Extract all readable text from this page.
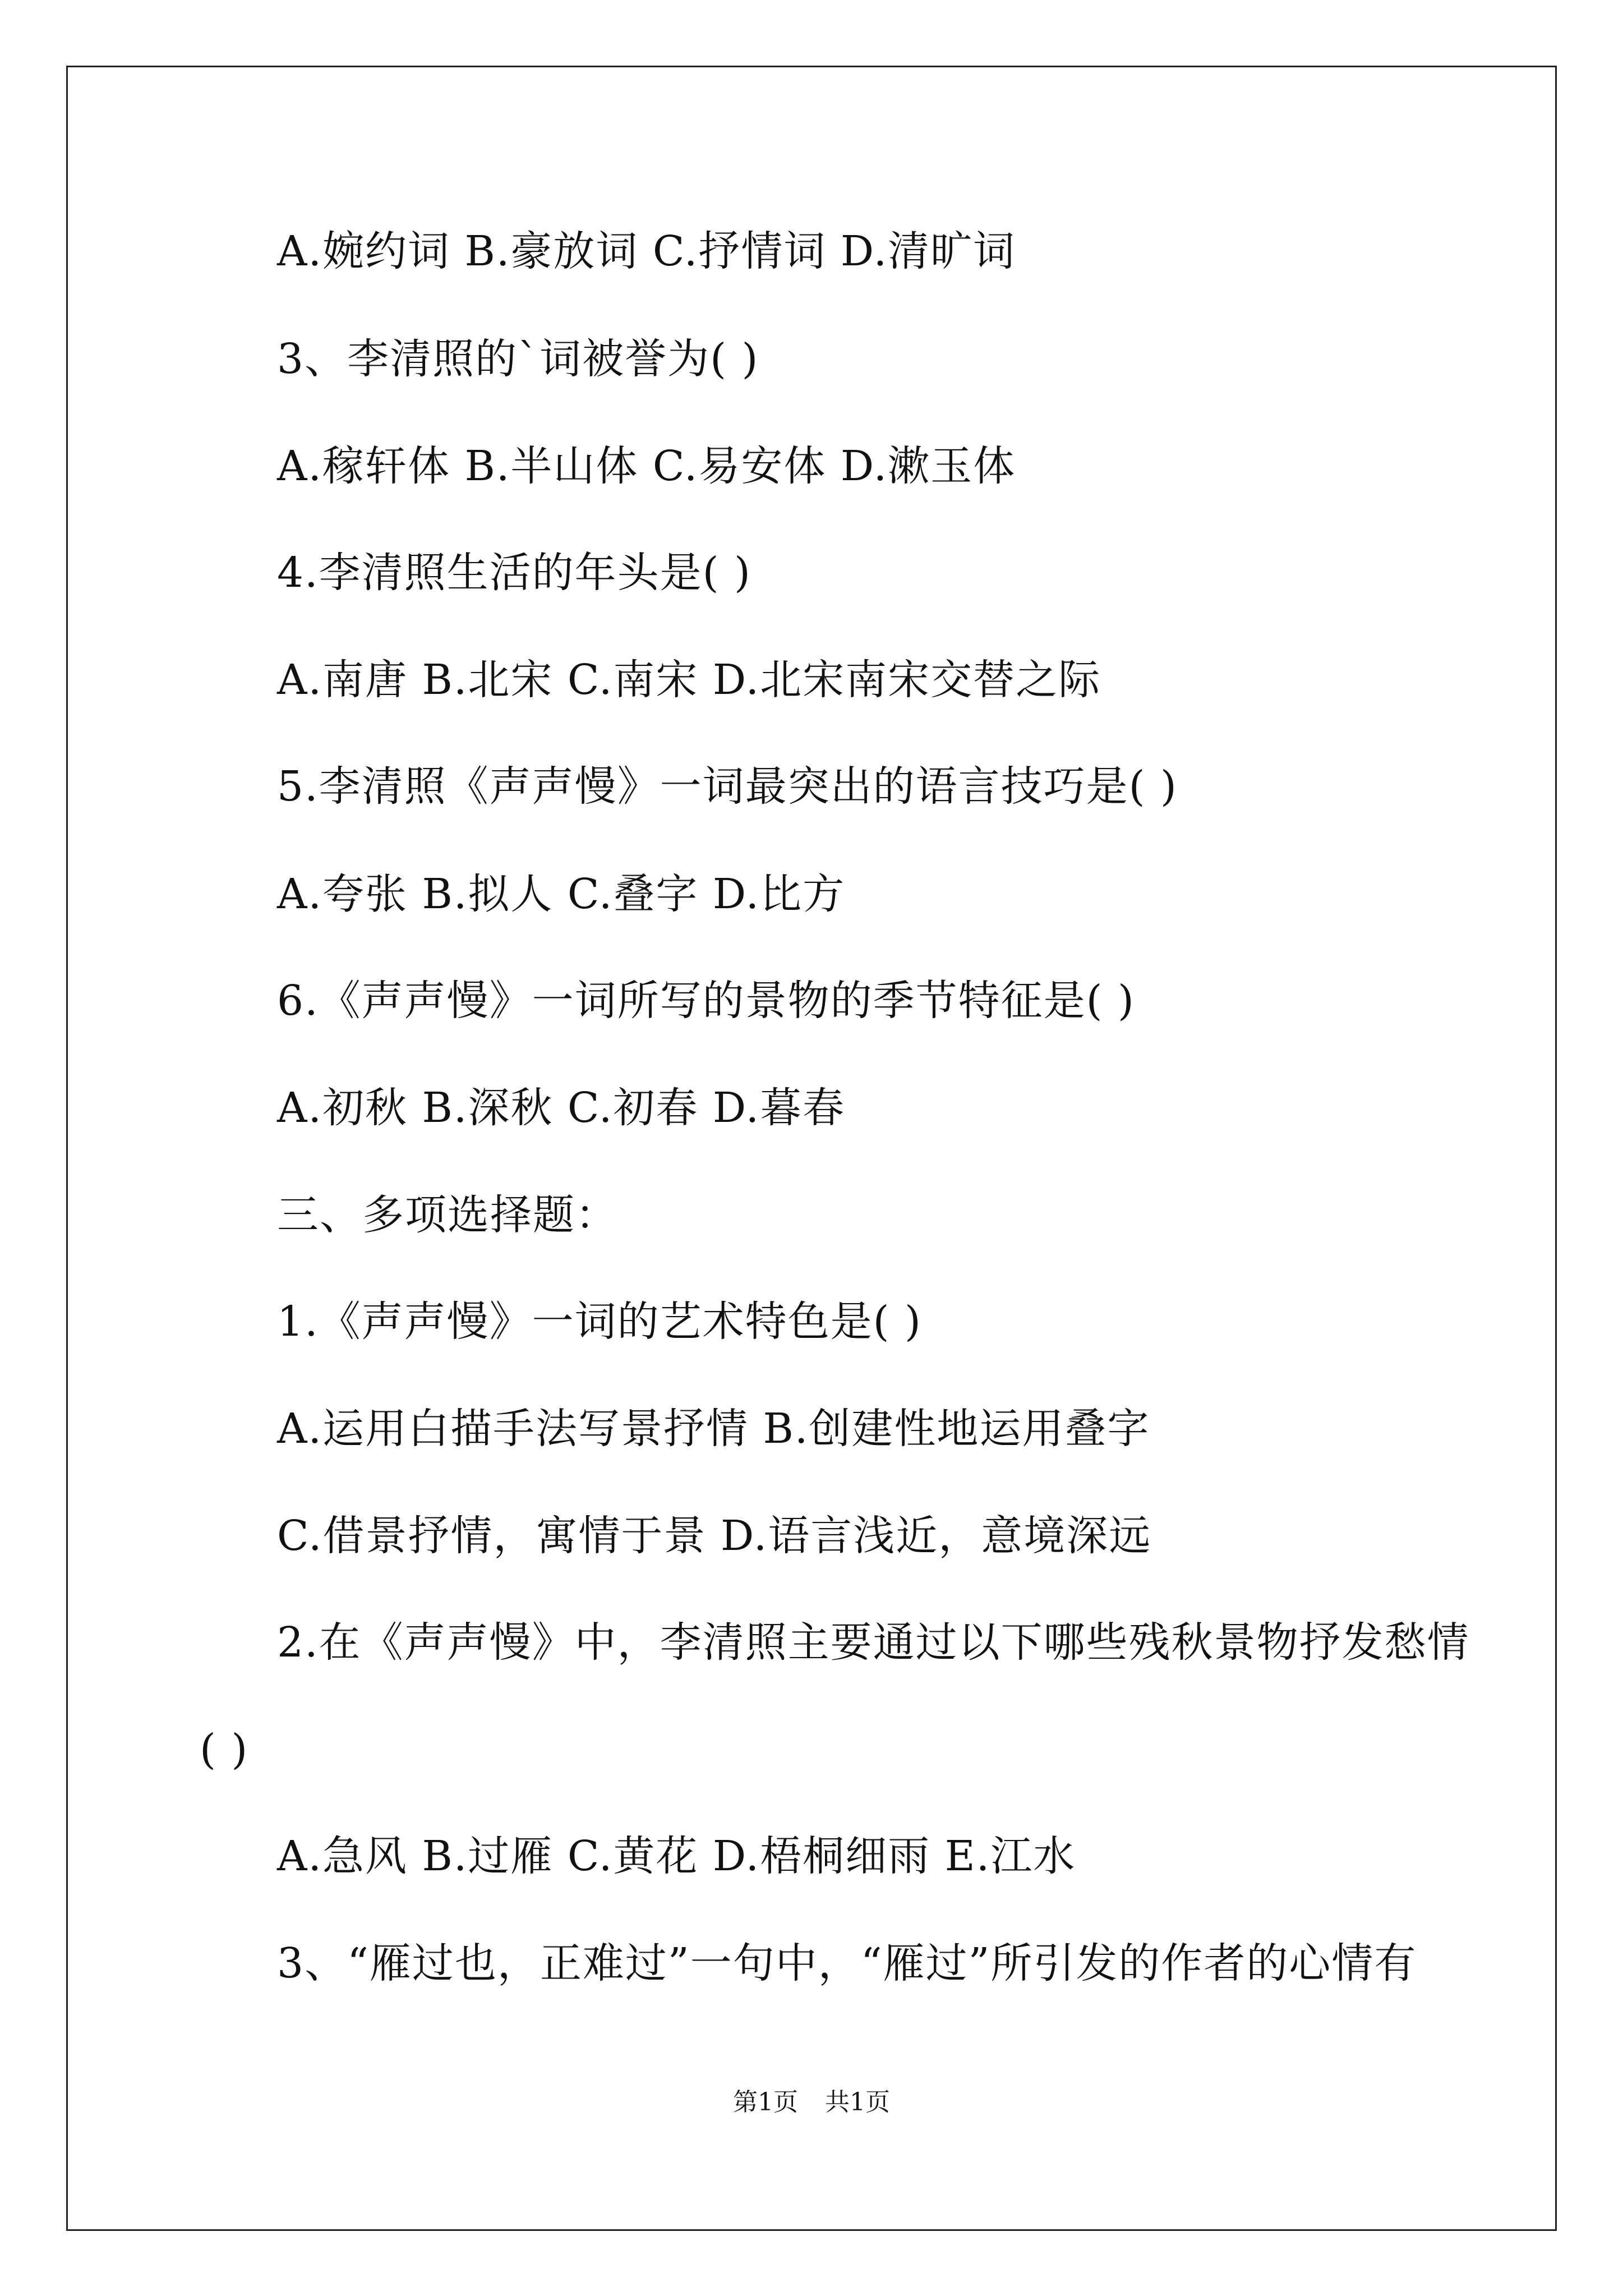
A.婉约词 B.豪放词 C.抒情词 D.清旷词
3、李清照的`词被誉为( )
A.稼轩体 B.半山体 C.易安体 D.漱玉体
4.李清照生活的年头是( )
A.南唐 B.北宋 C.南宋 D.北宋南宋交替之际
5.李清照《声声慢》一词最突出的语言技巧是( )
A.夸张 B.拟人 C.叠字 D.比方
6.《声声慢》一词所写的景物的季节特征是( )
A.初秋 B.深秋 C.初春 D.暮春
三、多项选择题：
1.《声声慢》一词的艺术特色是( )
A.运用白描手法写景抒情 B.创建性地运用叠字
C.借景抒情，寓情于景 D.语言浅近，意境深远
2.在《声声慢》中，李清照主要通过以下哪些残秋景物抒发愁情
( )
A.急风 B.过雁 C.黄花 D.梧桐细雨 E.江水
3、“雁过也，正难过”一句中，“雁过”所引发的作者的心情有
第1页 共1页
